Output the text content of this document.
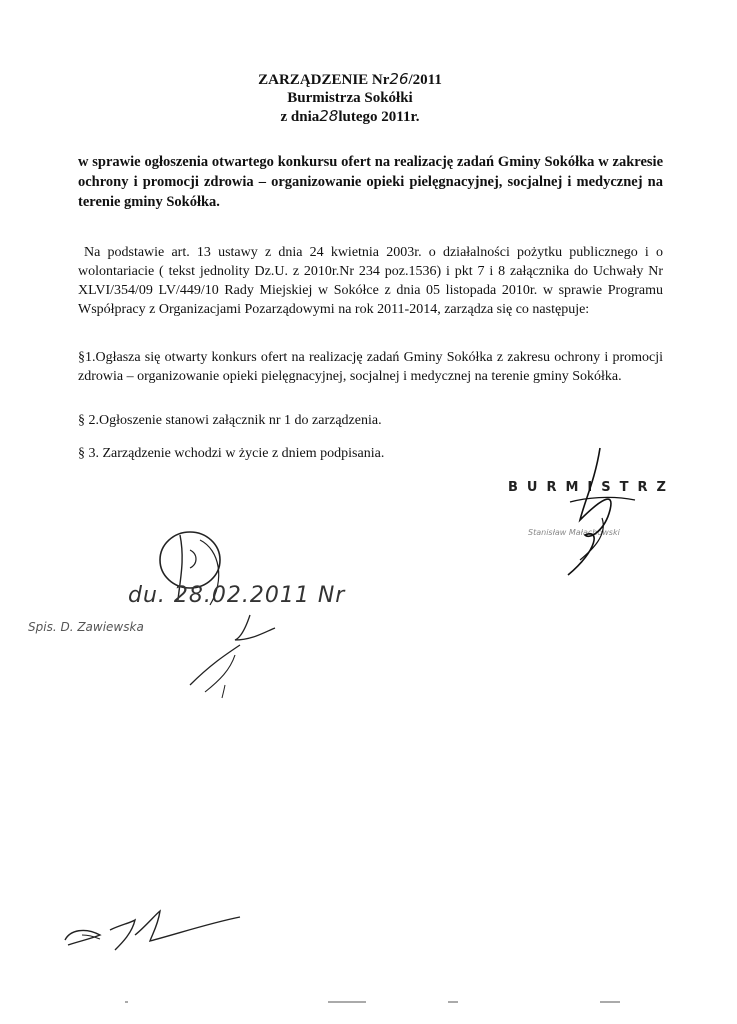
ZARZĄDZENIE Nr26/2011
Burmistrza Sokółki
z dnia28lutego 2011r.
w sprawie ogłoszenia otwartego konkursu ofert na realizację zadań Gminy Sokółka w zakresie ochrony i promocji zdrowia – organizowanie opieki pielęgnacyjnej, socjalnej i medycznej na terenie gminy Sokółka.
Na podstawie art. 13 ustawy z dnia 24 kwietnia 2003r. o działalności pożytku publicznego i o wolontariacie ( tekst jednolity Dz.U. z 2010r.Nr 234 poz.1536) i pkt 7 i 8 załącznika do Uchwały Nr XLVI/354/09 LV/449/10 Rady Miejskiej w Sokółce z dnia 05 listopada 2010r. w sprawie Programu Współpracy z Organizacjami Pozarządowymi na rok 2011-2014, zarządza się co następuje:
§1.Ogłasza się otwarty konkurs ofert na realizację zadań Gminy Sokółka z zakresu ochrony i promocji zdrowia – organizowanie opieki pielęgnacyjnej, socjalnej i medycznej na terenie gminy Sokółka.
§ 2.Ogłoszenie stanowi załącznik nr 1 do zarządzenia.
§ 3. Zarządzenie wchodzi w życie z dniem podpisania.
BURMISTRZ
Stanisław Małachowski
du. 28.02.2011 Nr
Spis. D. Zawiewska
